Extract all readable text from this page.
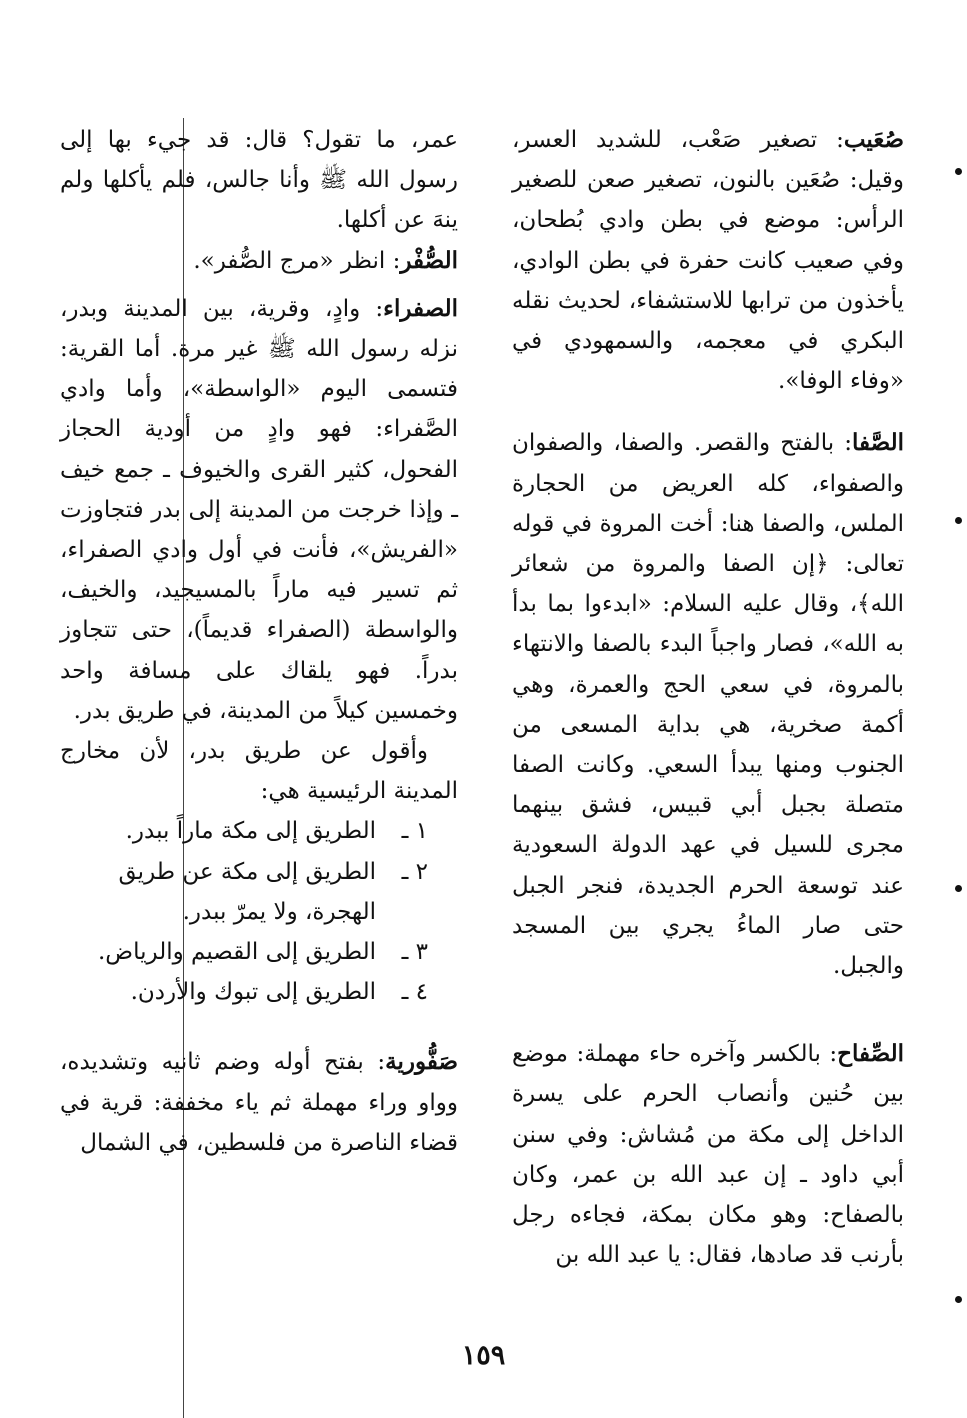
صُعَيب: تصغير صَعْب، للشديد العسر، وقيل: صُعَين بالنون، تصغير صعن للصغير الرأس: موضع في بطن وادي بُطحان، وفي صعيب كانت حفرة في بطن الوادي، يأخذون من ترابها للاستشفاء، لحديث نقله البكري في معجمه، والسمهودي في «وفاء الوفا».

الصَّفا: بالفتح والقصر. والصفا، والصفوان والصفواء، كله العريض من الحجارة الملس، والصفا هنا: أخت المروة في قوله تعالى: ﴿إن الصفا والمروة من شعائر الله﴾، وقال عليه السلام: «ابدءوا بما بدأ به الله»، فصار واجباً البدء بالصفا والانتهاء بالمروة، في سعي الحج والعمرة، وهي أكمة صخرية، هي بداية المسعى من الجنوب ومنها يبدأ السعي. وكانت الصفا متصلة بجبل أبي قبيس، فشق بينهما مجرى للسيل في عهد الدولة السعودية عند توسعة الحرم الجديدة، فنجر الجبل حتى صار الماءُ يجري بين المسجد والجبل.

الصِّفاح: بالكسر وآخره حاء مهملة: موضع بين حُنين وأنصاب الحرم على يسرة الداخل إلى مكة من مُشاش: وفي سنن أبي داود ـ إن عبد الله بن عمر، وكان بالصفاح: وهو مكان بمكة، فجاءه رجل بأرنب قد صادها، فقال: يا عبد الله بن

عمر، ما تقول؟ قال: قد جيء بها إلى رسول الله ﷺ وأنا جالس، فلم يأكلها ولم ينهَ عن أكلها.

الصُّفْر: انظر «مرج الصُّفر».

الصفراء: وادٍ، وقرية، بين المدينة وبدر، نزله رسول الله ﷺ غير مرة. أما القرية: فتسمى اليوم «الواسطة»، وأما وادي الصَّفراء: فهو وادٍ من أودية الحجاز الفحول، كثير القرى والخيوف ـ جمع خيف ـ وإذا خرجت من المدينة إلى بدر فتجاوزت «الفريش»، فأنت في أول وادي الصفراء، ثم تسير فيه ماراً بالمسيجيد، والخيف، والواسطة (الصفراء قديماً)، حتى تتجاوز بدراً. فهو يلقاك على مسافة واحد وخمسين كيلاً من المدينة، في طريق بدر.

وأقول عن طريق بدر، لأن مخارج المدينة الرئيسية هي:

١ ـالطريق إلى مكة ماراً ببدر.
٢ ـالطريق إلى مكة عن طريق
الهجرة، ولا يمرّ ببدر.
٣ ـالطريق إلى القصيم والرياض.
٤ ـالطريق إلى تبوك والأردن.

صَفُّورية: بفتح أوله وضم ثانيه وتشديده، وواو وراء مهملة ثم ياء مخففة: قرية في قضاء الناصرة من فلسطين، في الشمال

١٥٩
